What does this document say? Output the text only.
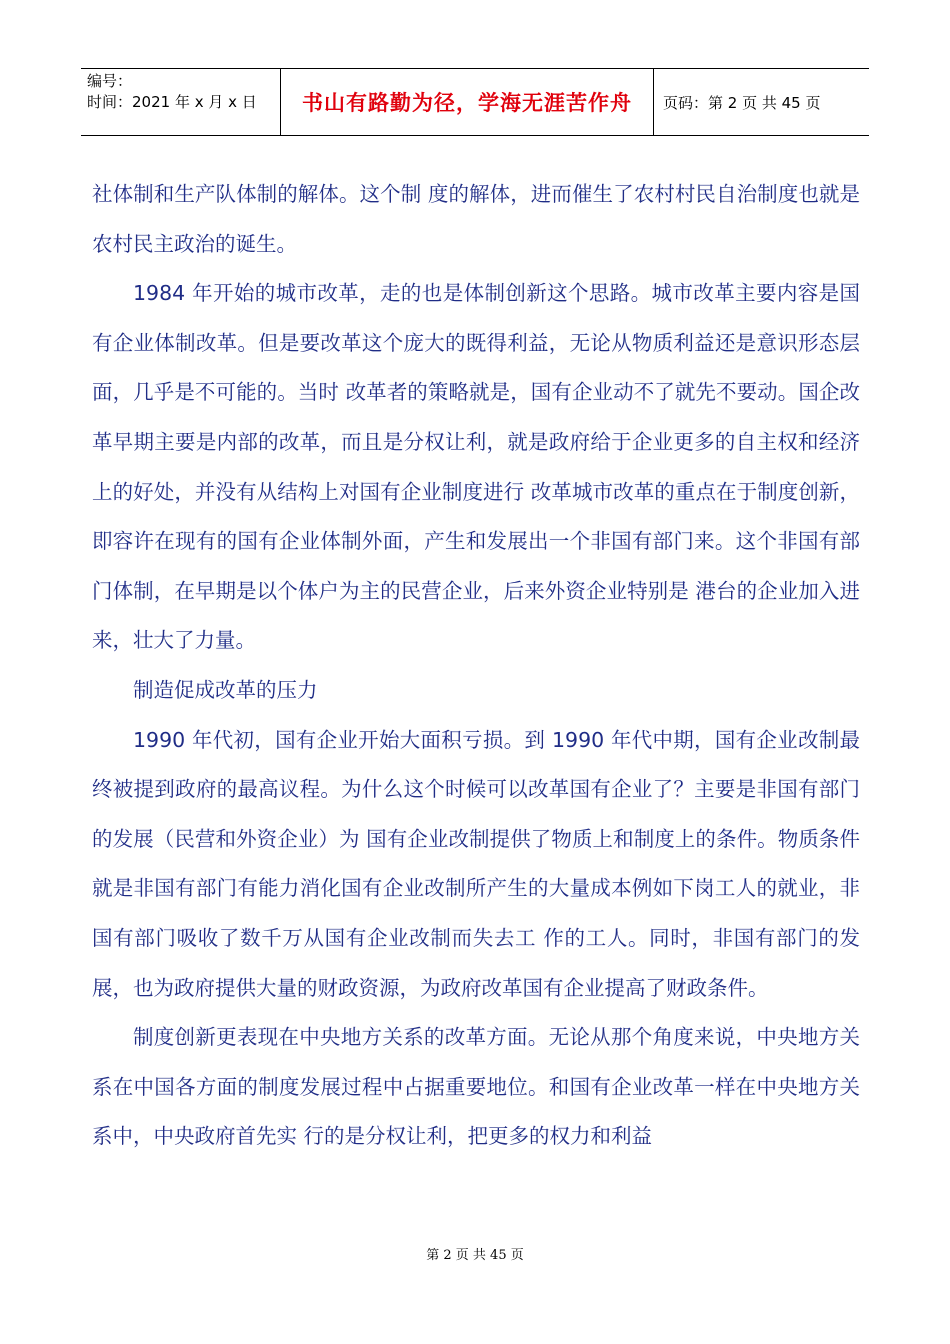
编号：
时间：2021 年 x 月 x 日	书山有路勤为径，学海无涯苦作舟	页码：第 2 页 共 45 页

社体制和生产队体制的解体。这个制 度的解体，进而催生了农村村民自治制度也就是农村民主政治的诞生。

1984 年开始的城市改革，走的也是体制创新这个思路。城市改革主要内容是国有企业体制改革。但是要改革这个庞大的既得利益，无论从物质利益还是意识形态层面，几乎是不可能的。当时 改革者的策略就是，国有企业动不了就先不要动。国企改革早期主要是内部的改革，而且是分权让利，就是政府给于企业更多的自主权和经济上的好处，并没有从结构上对国有企业制度进行 改革城市改革的重点在于制度创新，即容许在现有的国有企业体制外面，产生和发展出一个非国有部门来。这个非国有部门体制，在早期是以个体户为主的民营企业，后来外资企业特别是 港台的企业加入进来，壮大了力量。

制造促成改革的压力

1990 年代初，国有企业开始大面积亏损。到 1990 年代中期，国有企业改制最终被提到政府的最高议程。为什么这个时候可以改革国有企业了？主要是非国有部门的发展（民营和外资企业）为 国有企业改制提供了物质上和制度上的条件。物质条件就是非国有部门有能力消化国有企业改制所产生的大量成本例如下岗工人的就业，非国有部门吸收了数千万从国有企业改制而失去工 作的工人。同时，非国有部门的发展，也为政府提供大量的财政资源，为政府改革国有企业提高了财政条件。

制度创新更表现在中央地方关系的改革方面。无论从那个角度来说，中央地方关系在中国各方面的制度发展过程中占据重要地位。和国有企业改革一样在中央地方关系中，中央政府首先实 行的是分权让利，把更多的权力和利益

第 2 页 共 45 页
